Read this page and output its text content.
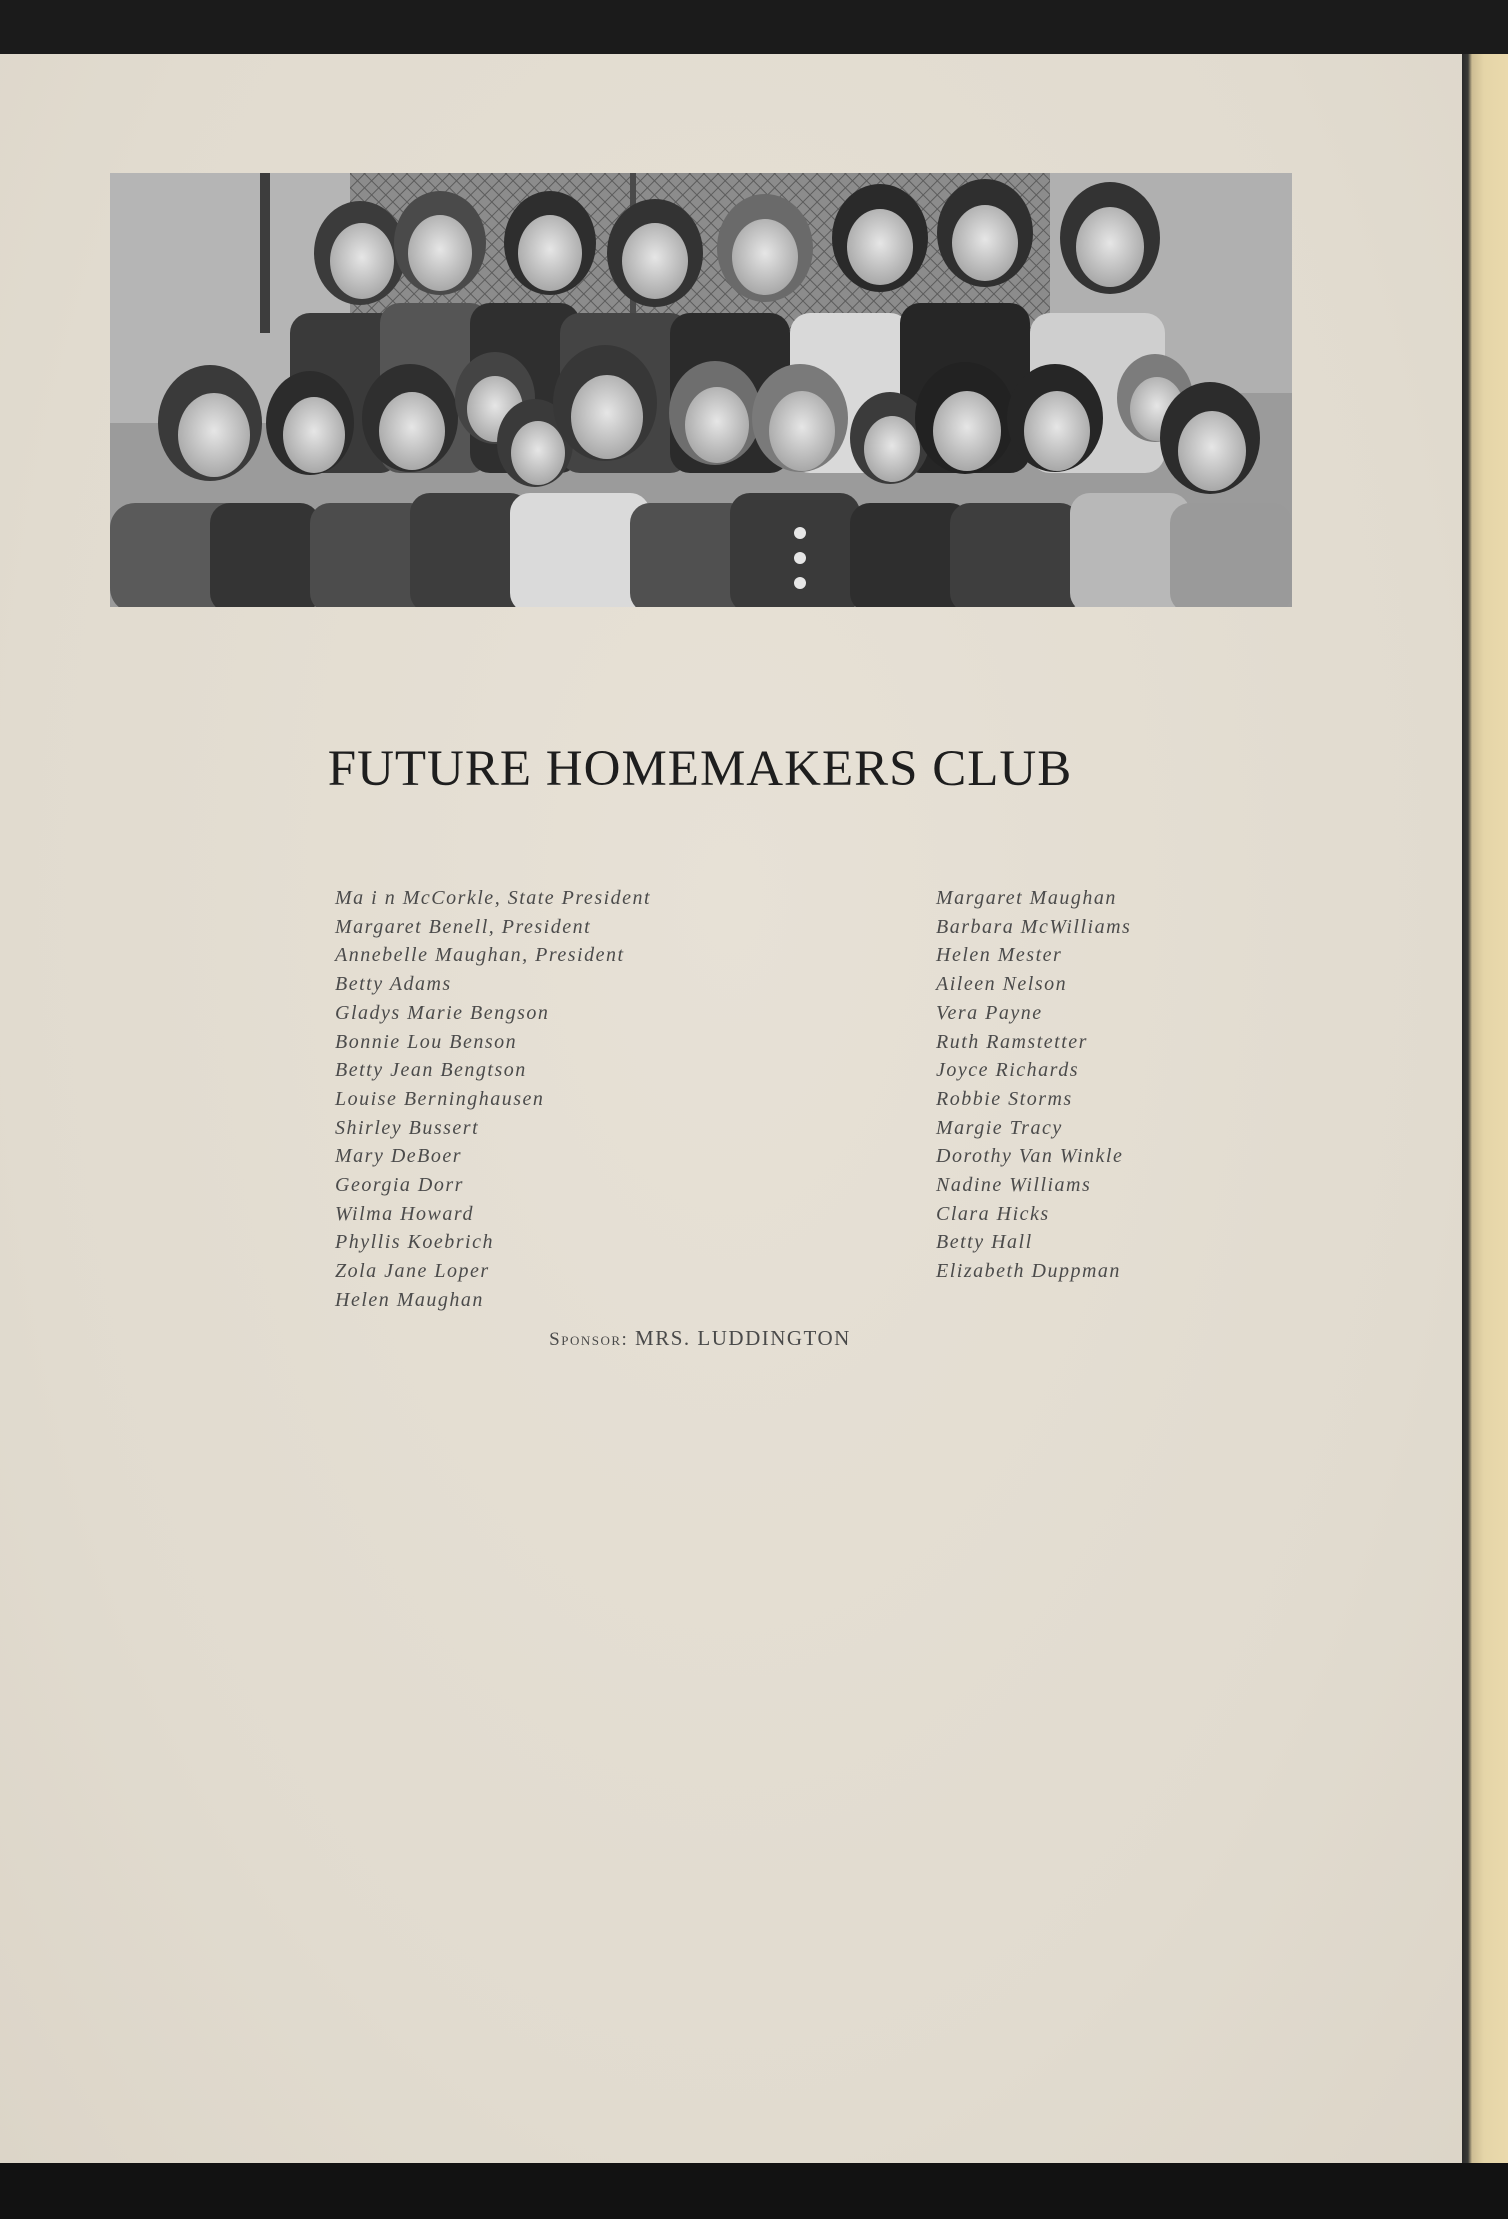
FUTURE HOMEMAKERS CLUB
Ma i n McCorkle, State President
Margaret Benell, President
Annebelle Maughan, President
Betty Adams
Gladys Marie Bengson
Bonnie Lou Benson
Betty Jean Bengtson
Louise Berninghausen
Shirley Bussert
Mary DeBoer
Georgia Dorr
Wilma Howard
Phyllis Koebrich
Zola Jane Loper
Helen Maughan
Margaret Maughan
Barbara McWilliams
Helen Mester
Aileen Nelson
Vera Payne
Ruth Ramstetter
Joyce Richards
Robbie Storms
Margie Tracy
Dorothy Van Winkle
Nadine Williams
Clara Hicks
Betty Hall
Elizabeth Duppman
Sponsor: MRS. LUDDINGTON
